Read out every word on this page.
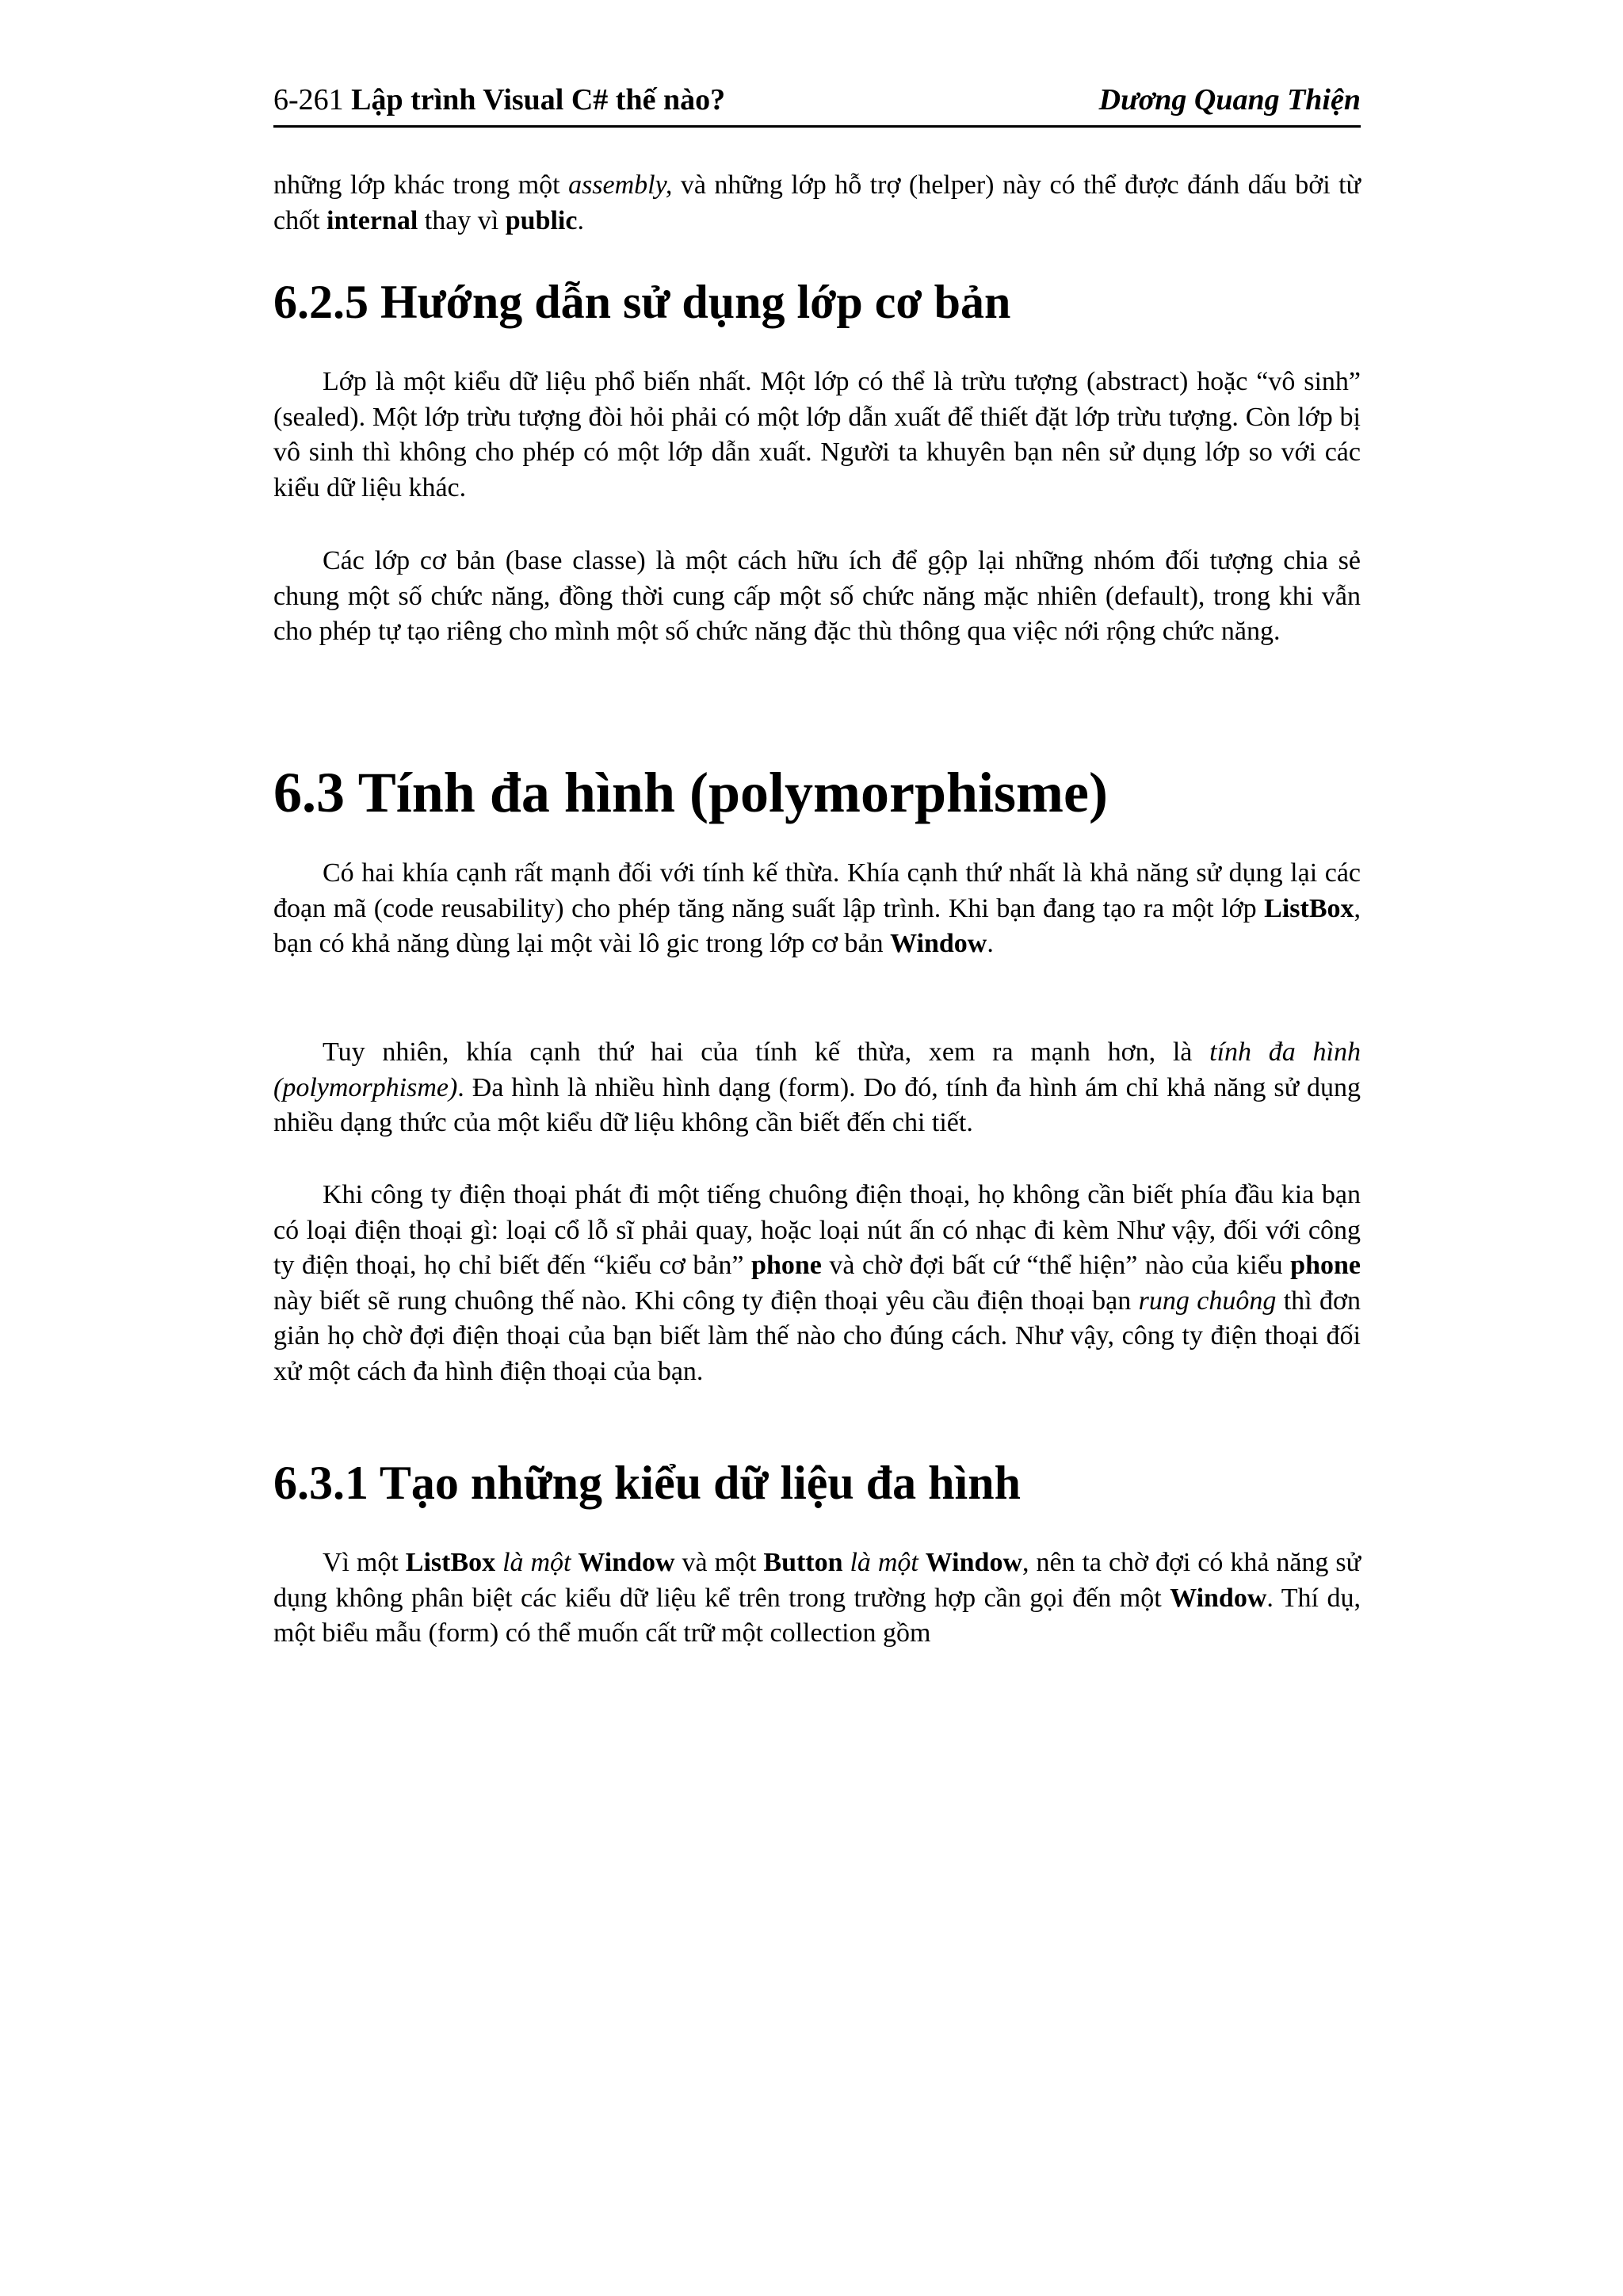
6-261 Lập trình Visual C# thế nào?	Dương Quang Thiện

những lớp khác trong một assembly, và những lớp hỗ trợ (helper) này có thể được đánh dấu bởi từ chốt internal thay vì public.

6.2.5 Hướng dẫn sử dụng lớp cơ bản

Lớp là một kiểu dữ liệu phổ biến nhất. Một lớp có thể là trừu tượng (abstract) hoặc “vô sinh” (sealed). Một lớp trừu tượng đòi hỏi phải có một lớp dẫn xuất để thiết đặt lớp trừu tượng. Còn lớp bị vô sinh thì không cho phép có một lớp dẫn xuất. Người ta khuyên bạn nên sử dụng lớp so với các kiểu dữ liệu khác.

Các lớp cơ bản (base classe) là một cách hữu ích để gộp lại những nhóm đối tượng chia sẻ chung một số chức năng, đồng thời cung cấp một số chức năng mặc nhiên (default), trong khi vẫn cho phép tự tạo riêng cho mình một số chức năng đặc thù thông qua việc nới rộng chức năng.

6.3 Tính đa hình (polymorphisme)

Có hai khía cạnh rất mạnh đối với tính kế thừa. Khía cạnh thứ nhất là khả năng sử dụng lại các đoạn mã (code reusability) cho phép tăng năng suất lập trình. Khi bạn đang tạo ra một lớp ListBox, bạn có khả năng dùng lại một vài lô gic trong lớp cơ bản Window.

Tuy nhiên, khía cạnh thứ hai của tính kế thừa, xem ra mạnh hơn, là tính đa hình (polymorphisme). Đa hình là nhiều hình dạng (form). Do đó, tính đa hình ám chỉ khả năng sử dụng nhiều dạng thức của một kiểu dữ liệu không cần biết đến chi tiết.

Khi công ty điện thoại phát đi một tiếng chuông điện thoại, họ không cần biết phía đầu kia bạn có loại điện thoại gì: loại cổ lỗ sĩ phải quay, hoặc loại nút ấn có nhạc đi kèm Như vậy, đối với công ty điện thoại, họ chỉ biết đến “kiểu cơ bản” phone và chờ đợi bất cứ “thể hiện” nào của kiểu phone này biết sẽ rung chuông thế nào. Khi công ty điện thoại yêu cầu điện thoại bạn rung chuông thì đơn giản họ chờ đợi điện thoại của bạn biết làm thế nào cho đúng cách. Như vậy, công ty điện thoại đối xử một cách đa hình điện thoại của bạn.

6.3.1 Tạo những kiểu dữ liệu đa hình

Vì một ListBox là một Window và một Button là một Window, nên ta chờ đợi có khả năng sử dụng không phân biệt các kiểu dữ liệu kể trên trong trường hợp cần gọi đến một Window. Thí dụ, một biểu mẫu (form) có thể muốn cất trữ một collection gồm
